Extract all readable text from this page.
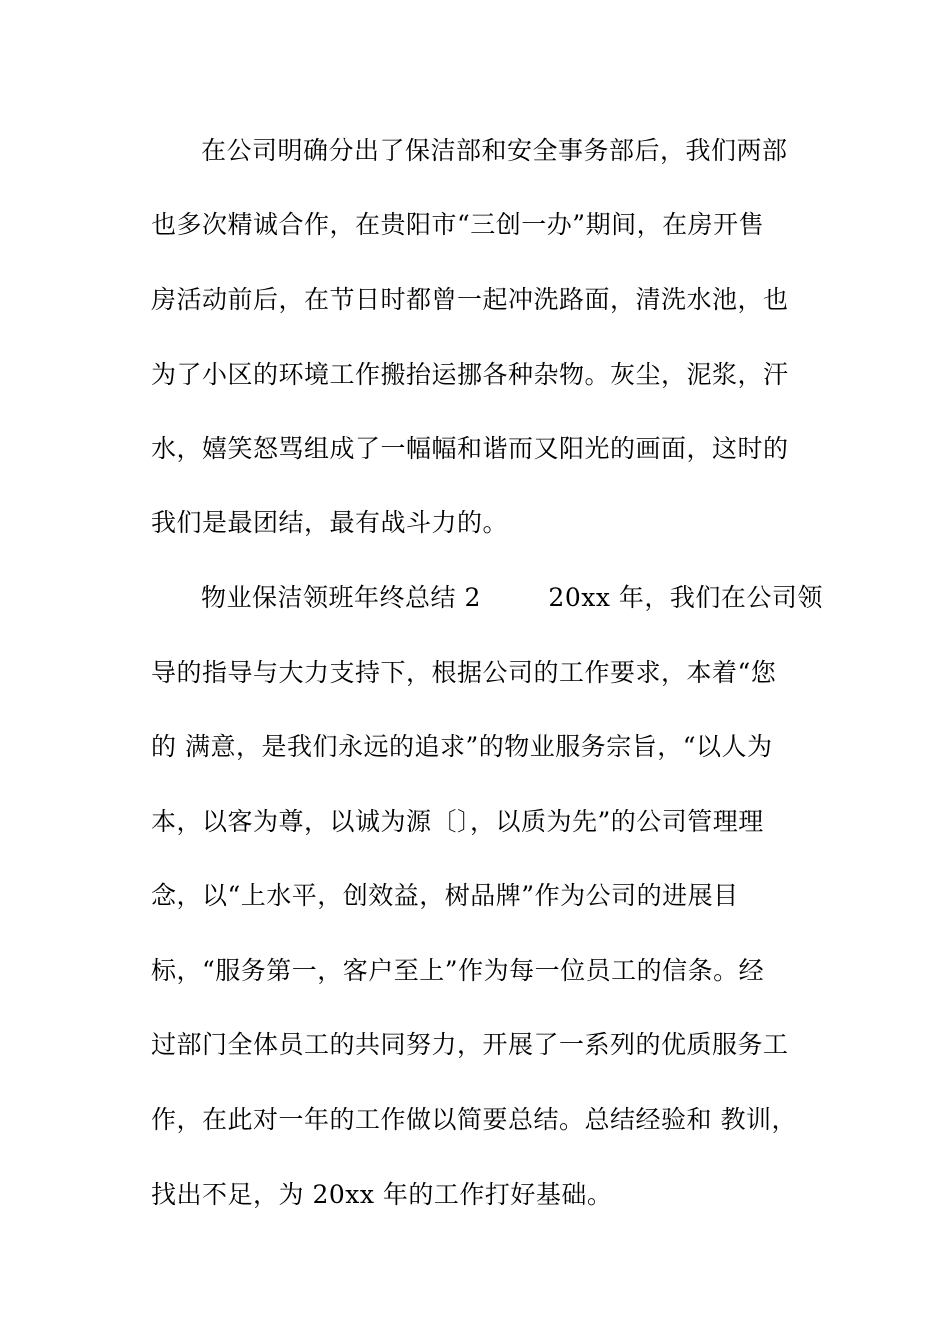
在公司明确分出了保洁部和安全事务部后，我们两部
也多次精诚合作，在贵阳市“三创一办”期间，在房开售
房活动前后，在节日时都曾一起冲洗路面，清洗水池，也
为了小区的环境工作搬抬运挪各种杂物。灰尘，泥浆，汗
水，嬉笑怒骂组成了一幅幅和谐而又阳光的画面，这时的
我们是最团结，最有战斗力的。
物业保洁领班年终总结 2        20xx 年，我们在公司领
导的指导与大力支持下，根据公司的工作要求，本着“您
的 满意，是我们永远的追求”的物业服务宗旨，“以人为
本，以客为尊，以诚为源〔〕，以质为先”的公司管理理
念，以“上水平，创效益，树品牌”作为公司的进展目
标，“服务第一，客户至上”作为每一位员工的信条。经
过部门全体员工的共同努力，开展了一系列的优质服务工
作，在此对一年的工作做以简要总结。总结经验和 教训，
找出不足，为 20xx 年的工作打好基础。
